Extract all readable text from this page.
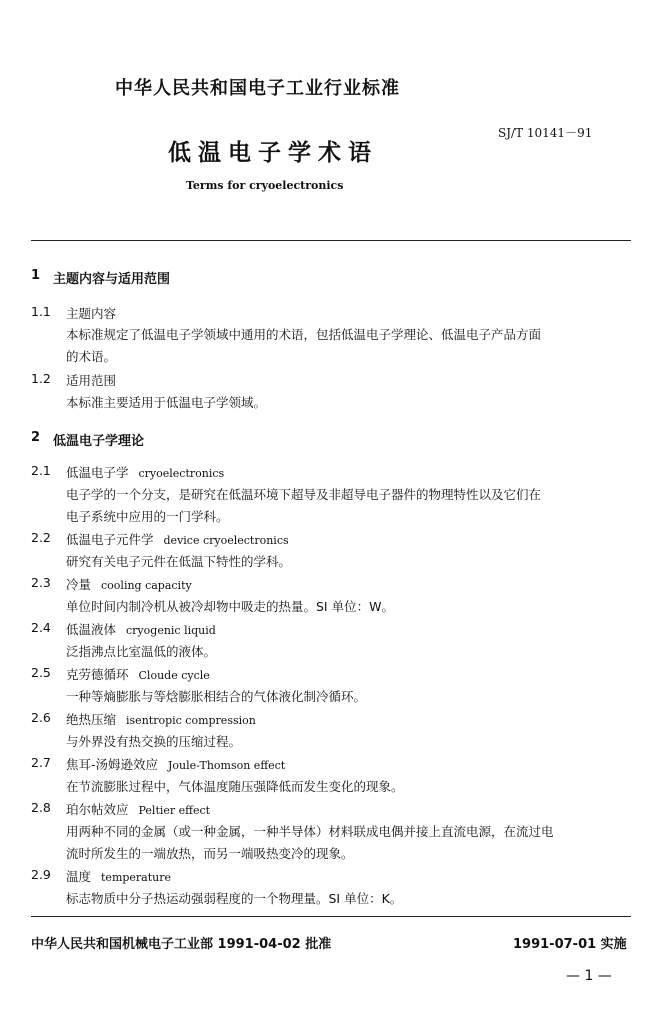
中华人民共和国电子工业行业标准
SJ/T 10141－91
低温电子学术语
Terms for cryoelectronics
1 主题内容与适用范围
1.1 主题内容
本标准规定了低温电子学领域中通用的术语，包括低温电子学理论、低温电子产品方面
的术语。
1.2 适用范围
本标准主要适用于低温电子学领域。
2 低温电子学理论
2.1 低温电子学 cryoelectronics
电子学的一个分支，是研究在低温环境下超导及非超导电子器件的物理特性以及它们在
电子系统中应用的一门学科。
2.2 低温电子元件学 device cryoelectronics
研究有关电子元件在低温下特性的学科。
2.3 冷量 cooling capacity
单位时间内制冷机从被冷却物中吸走的热量。SI 单位：W。
2.4 低温液体 cryogenic liquid
泛指沸点比室温低的液体。
2.5 克劳德循环 Cloude cycle
一种等熵膨胀与等焓膨胀相结合的气体液化制冷循环。
2.6 绝热压缩 isentropic compression
与外界没有热交换的压缩过程。
2.7 焦耳-汤姆逊效应 Joule-Thomson effect
在节流膨胀过程中，气体温度随压强降低而发生变化的现象。
2.8 珀尔帖效应 Peltier effect
用两种不同的金属（或一种金属，一种半导体）材料联成电偶并接上直流电源，在流过电
流时所发生的一端放热，而另一端吸热变冷的现象。
2.9 温度 temperature
标志物质中分子热运动强弱程度的一个物理量。SI 单位：K。
中华人民共和国机械电子工业部 1991-04-02 批准	1991-07-01 实施
— 1 —
